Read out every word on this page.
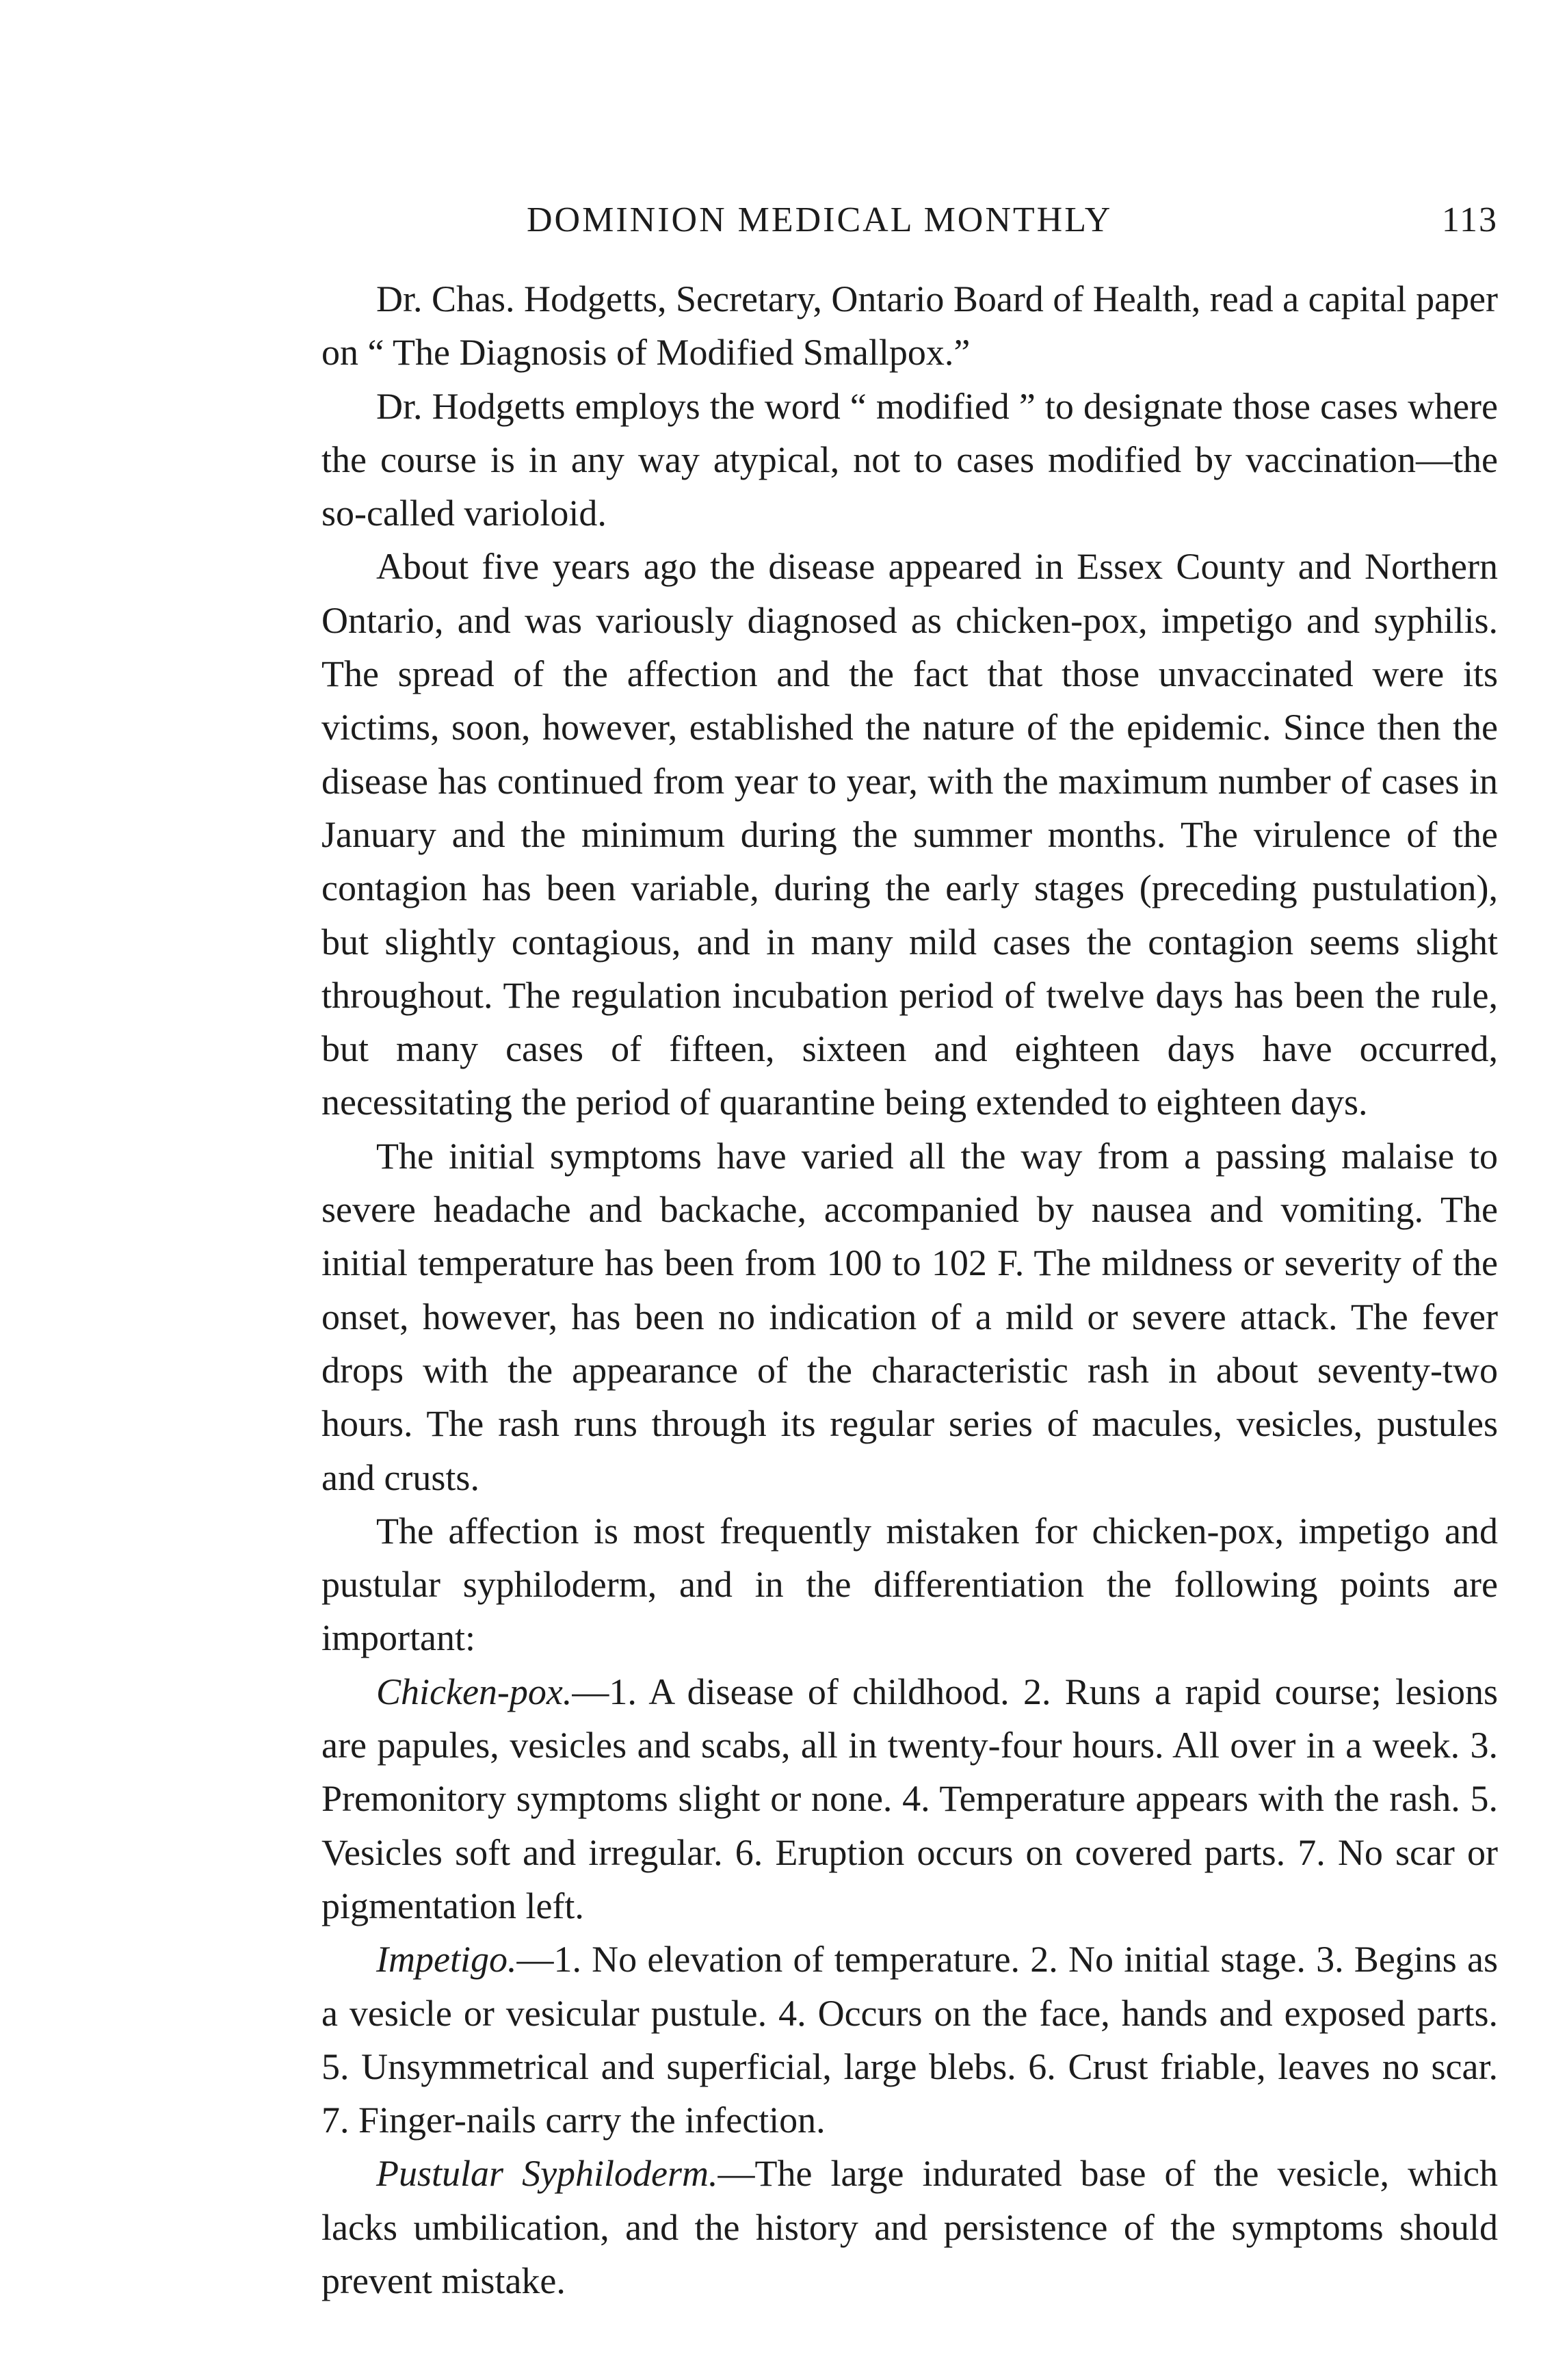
DOMINION MEDICAL MONTHLY	113

Dr. Chas. Hodgetts, Secretary, Ontario Board of Health, read a capital paper on “ The Diagnosis of Modified Smallpox.”

Dr. Hodgetts employs the word “ modified ” to designate those cases where the course is in any way atypical, not to cases modified by vaccination—the so-called varioloid.

About five years ago the disease appeared in Essex County and Northern Ontario, and was variously diagnosed as chicken-pox, impetigo and syphilis. The spread of the affection and the fact that those unvaccinated were its victims, soon, however, established the nature of the epidemic. Since then the disease has continued from year to year, with the maximum number of cases in January and the minimum during the summer months. The virulence of the contagion has been variable, during the early stages (preceding pustulation), but slightly contagious, and in many mild cases the contagion seems slight throughout. The regulation incubation period of twelve days has been the rule, but many cases of fifteen, sixteen and eighteen days have occurred, necessitating the period of quarantine being extended to eighteen days.

The initial symptoms have varied all the way from a passing malaise to severe headache and backache, accompanied by nausea and vomiting. The initial temperature has been from 100 to 102 F. The mildness or severity of the onset, however, has been no indication of a mild or severe attack. The fever drops with the appearance of the characteristic rash in about seventy-two hours. The rash runs through its regular series of macules, vesicles, pustules and crusts.

The affection is most frequently mistaken for chicken-pox, impetigo and pustular syphiloderm, and in the differentiation the following points are important:

Chicken-pox.—1. A disease of childhood. 2. Runs a rapid course; lesions are papules, vesicles and scabs, all in twenty-four hours. All over in a week. 3. Premonitory symptoms slight or none. 4. Temperature appears with the rash. 5. Vesicles soft and irregular. 6. Eruption occurs on covered parts. 7. No scar or pigmentation left.

Impetigo.—1. No elevation of temperature. 2. No initial stage. 3. Begins as a vesicle or vesicular pustule. 4. Occurs on the face, hands and exposed parts. 5. Unsymmetrical and superficial, large blebs. 6. Crust friable, leaves no scar. 7. Finger-nails carry the infection.

Pustular Syphiloderm.—The large indurated base of the vesicle, which lacks umbilication, and the history and persistence of the symptoms should prevent mistake.
